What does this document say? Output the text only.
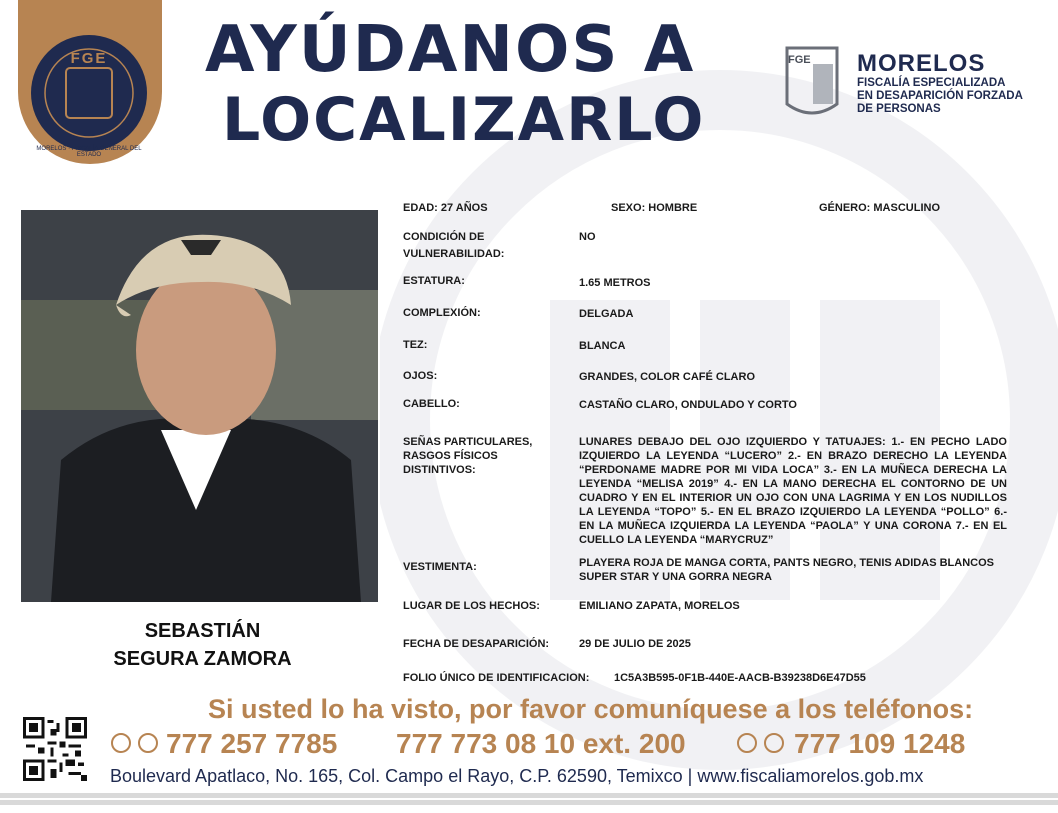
FGE
MORELOS · FISCALÍA GENERAL DEL ESTADO
AYÚDANOS A
LOCALIZARLO
FGE MORELOS
FISCALÍA ESPECIALIZADA
EN DESAPARICIÓN FORZADA
DE PERSONAS
SEBASTIÁN
SEGURA ZAMORA
EDAD: 27 AÑOS	SEXO: HOMBRE	GÉNERO: MASCULINO
CONDICIÓN DE
VULNERABILIDAD:
NO
ESTATURA:	1.65 METROS
COMPLEXIÓN:	DELGADA
TEZ:	BLANCA
OJOS:	GRANDES, COLOR CAFÉ CLARO
CABELLO:	CASTAÑO CLARO, ONDULADO Y CORTO
SEÑAS PARTICULARES,
RASGOS FÍSICOS
DISTINTIVOS:
LUNARES DEBAJO DEL OJO IZQUIERDO Y TATUAJES: 1.- EN PECHO LADO IZQUIERDO LA LEYENDA “LUCERO” 2.- EN BRAZO DERECHO LA LEYENDA “PERDONAME MADRE POR MI VIDA LOCA” 3.- EN LA MUÑECA DERECHA LA LEYENDA “MELISA 2019” 4.- EN LA MANO DERECHA EL CONTORNO DE UN CUADRO Y EN EL INTERIOR UN OJO CON UNA LAGRIMA Y EN LOS NUDILLOS LA LEYENDA “TOPO” 5.- EN EL BRAZO IZQUIERDO LA LEYENDA “POLLO” 6.- EN LA MUÑECA IZQUIERDA LA LEYENDA “PAOLA” Y UNA CORONA 7.- EN EL CUELLO LA LEYENDA “MARYCRUZ”
VESTIMENTA:	PLAYERA ROJA DE MANGA CORTA, PANTS NEGRO, TENIS ADIDAS BLANCOS SUPER STAR Y UNA GORRA NEGRA
LUGAR DE LOS HECHOS:	EMILIANO ZAPATA, MORELOS
FECHA DE DESAPARICIÓN:	29 DE JULIO DE 2025
FOLIO ÚNICO DE IDENTIFICACION: 1C5A3B595-0F1B-440E-AACB-B39238D6E47D55
Si usted lo ha visto, por favor comuníquese a los teléfonos:
777 257 7785 777 773 08 10 ext. 200	777 109 1248
Boulevard Apatlaco, No. 165, Col. Campo el Rayo, C.P. 62590, Temixco | www.fiscaliamorelos.gob.mx
